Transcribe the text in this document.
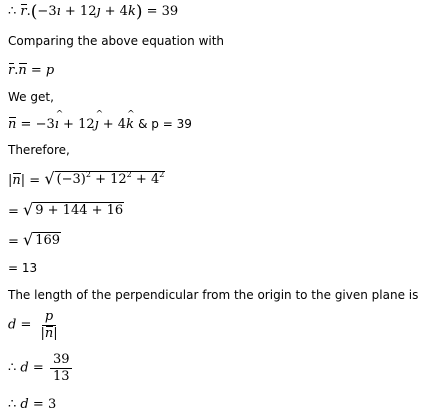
∴ r.(−3ı ^ + 12ȷ ^ + 4k ^) = 39
Comparing the above equation with
r.n = p
We get,
n = −3ı ^ + 12ȷ ^ + 4k ^ & p = 39
Therefore,
|n| = √ $(-3)^2 + 12^2 + 4^2$
= √ 9 + 144 + 16
= √ 169
= 13
The length of the perpendicular from the origin to the given plane is
$d = \frac{p}{|n|}$
∴ $d = \frac{39}{13}$
∴ d = 3
